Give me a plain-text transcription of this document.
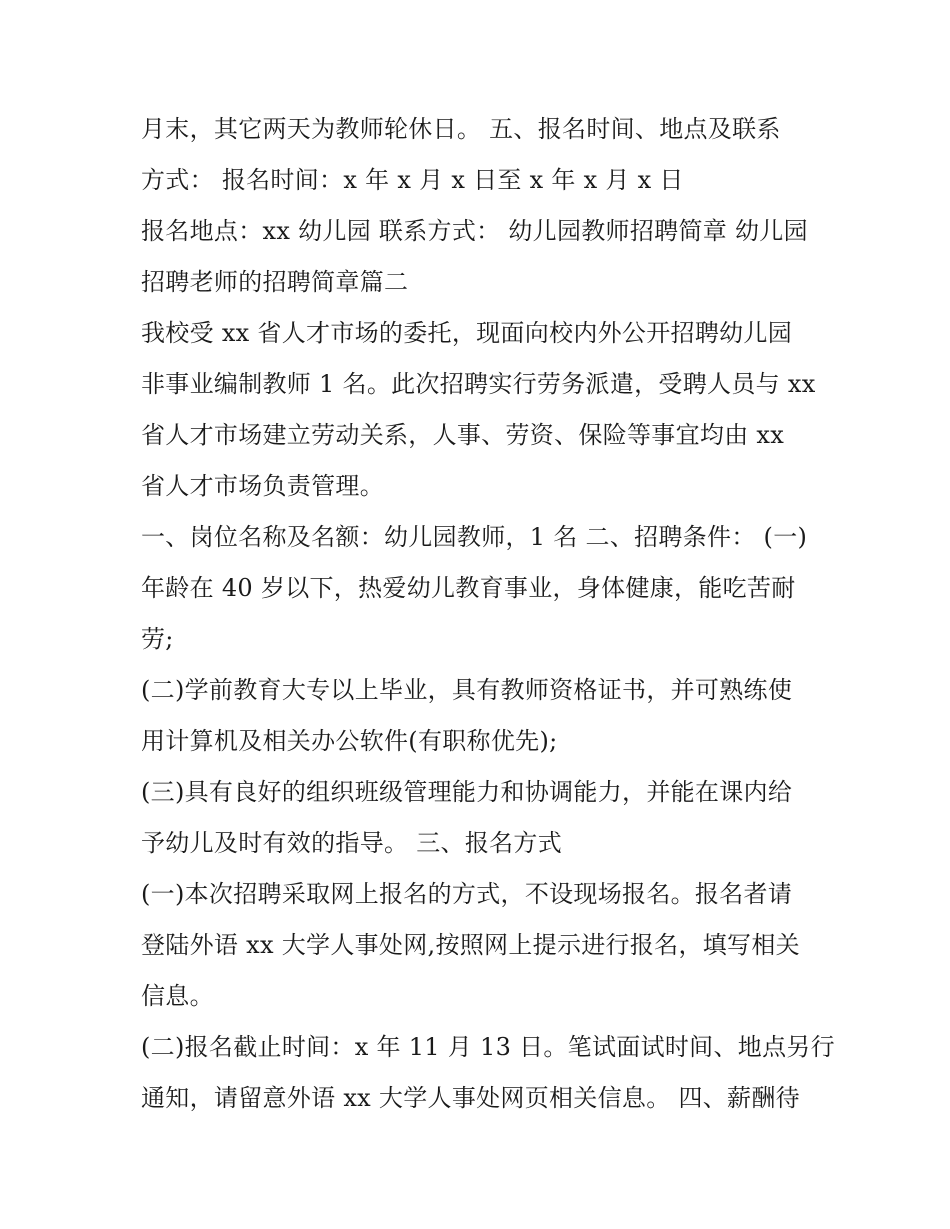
月末，其它两天为教师轮休日。 五、报名时间、地点及联系
方式： 报名时间：x 年 x 月 x 日至 x 年 x 月 x 日
报名地点：xx 幼儿园 联系方式： 幼儿园教师招聘简章 幼儿园
招聘老师的招聘简章篇二
我校受 xx 省人才市场的委托，现面向校内外公开招聘幼儿园
非事业编制教师 1 名。此次招聘实行劳务派遣，受聘人员与 xx
省人才市场建立劳动关系，人事、劳资、保险等事宜均由 xx
省人才市场负责管理。
一、岗位名称及名额：幼儿园教师，1 名 二、招聘条件： (一)
年龄在 40 岁以下，热爱幼儿教育事业，身体健康，能吃苦耐
劳;
(二)学前教育大专以上毕业，具有教师资格证书，并可熟练使
用计算机及相关办公软件(有职称优先);
(三)具有良好的组织班级管理能力和协调能力，并能在课内给
予幼儿及时有效的指导。 三、报名方式
(一)本次招聘采取网上报名的方式，不设现场报名。报名者请
登陆外语 xx 大学人事处网,按照网上提示进行报名，填写相关
信息。
(二)报名截止时间：x 年 11 月 13 日。笔试面试时间、地点另行
通知，请留意外语 xx 大学人事处网页相关信息。 四、薪酬待
